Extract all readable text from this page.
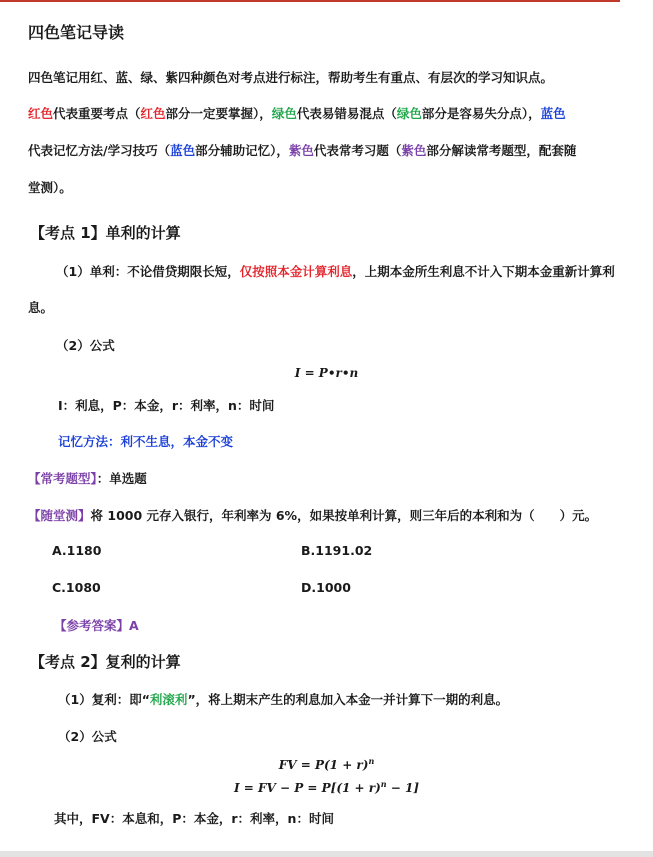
四色笔记导读
四色笔记用红、蓝、绿、紫四种颜色对考点进行标注，帮助考生有重点、有层次的学习知识点。
红色代表重要考点（红色部分一定要掌握），绿色代表易错易混点（绿色部分是容易失分点），蓝色
代表记忆方法/学习技巧（蓝色部分辅助记忆），紫色代表常考习题（紫色部分解读常考题型，配套随
堂测）。
【考点 1】单利的计算
（1）单利：不论借贷期限长短，仅按照本金计算利息，上期本金所生利息不计入下期本金重新计算利
息。
（2）公式
I = P•r•n
I：利息，P：本金，r：利率，n：时间
记忆方法：利不生息，本金不变
【常考题型】：单选题
【随堂测】将 1000 元存入银行，年利率为 6%，如果按单利计算，则三年后的本利和为（　　）元。
A.1180	B.1191.02
C.1080	D.1000
【参考答案】A
【考点 2】复利的计算
（1）复利：即“利滚利”，将上期末产生的利息加入本金一并计算下一期的利息。
（2）公式
FV = $P(1 + r)^n$
I = FV − $P = P[(1 + r)^n - 1]$
其中，FV：本息和，P：本金，r：利率，n：时间
